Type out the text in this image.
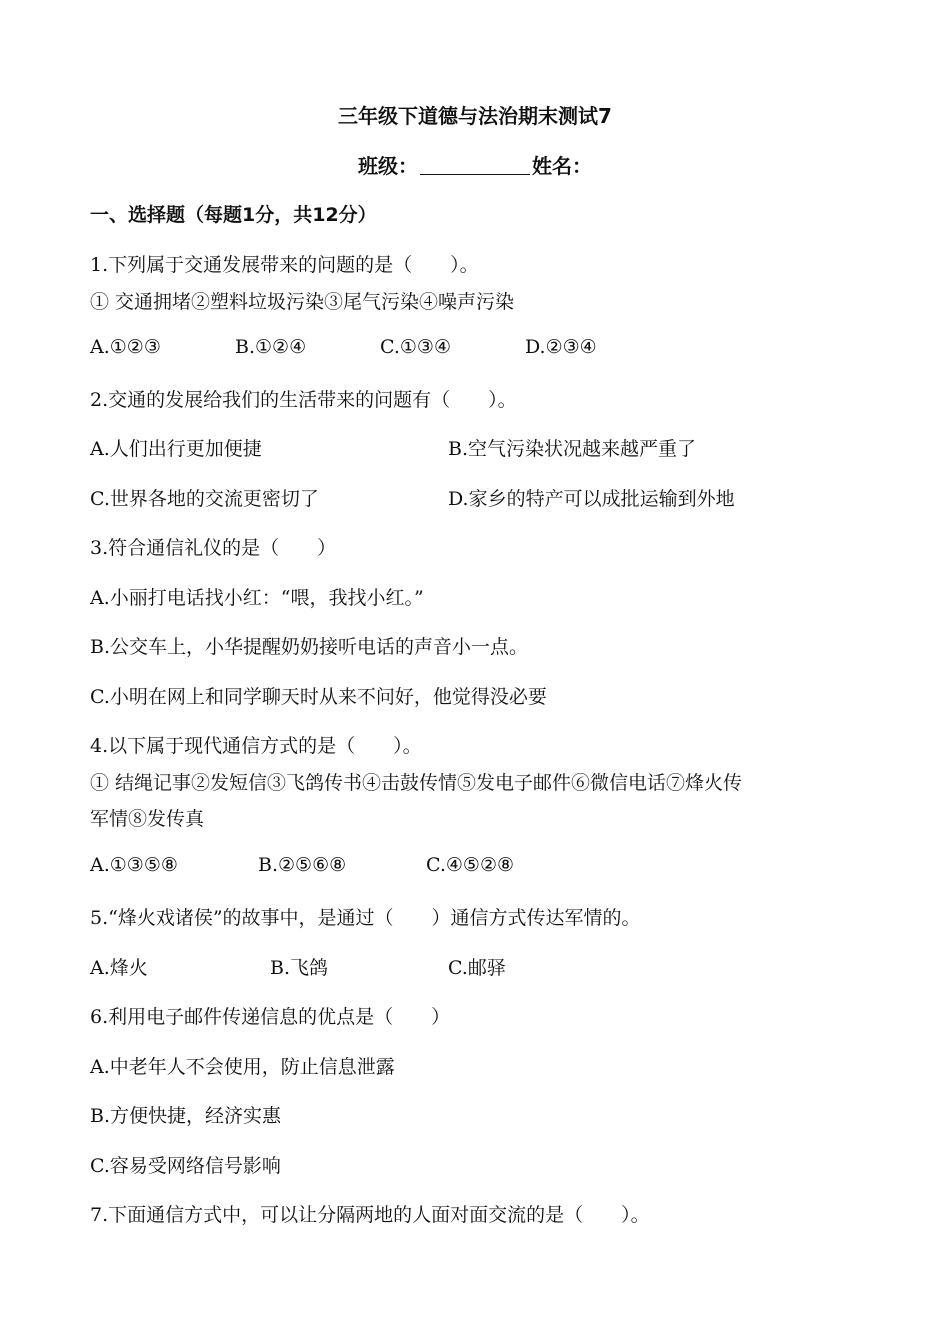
三年级下道德与法治期末测试7
班级：	姓名：
一、选择题（每题1分，共12分）
1.下列属于交通发展带来的问题的是（　　）。
① 交通拥堵②塑料垃圾污染③尾气污染④噪声污染
A.①②③	B.①②④	C.①③④	D.②③④
2.交通的发展给我们的生活带来的问题有（　　）。
A.人们出行更加便捷	B.空气污染状况越来越严重了
C.世界各地的交流更密切了	D.家乡的特产可以成批运输到外地
3.符合通信礼仪的是（　　）
A.小丽打电话找小红：“喂，我找小红。”
B.公交车上，小华提醒奶奶接听电话的声音小一点。
C.小明在网上和同学聊天时从来不问好，他觉得没必要
4.以下属于现代通信方式的是（　　）。
① 结绳记事②发短信③飞鸽传书④击鼓传情⑤发电子邮件⑥微信电话⑦烽火传
军情⑧发传真
A.①③⑤⑧	B.②⑤⑥⑧	C.④⑤②⑧
5.“烽火戏诸侯”的故事中，是通过（　　）通信方式传达军情的。
A.烽火	B.飞鸽	C.邮驿
6.利用电子邮件传递信息的优点是（　　）
A.中老年人不会使用，防止信息泄露
B.方便快捷，经济实惠
C.容易受网络信号影响
7.下面通信方式中，可以让分隔两地的人面对面交流的是（　　）。
